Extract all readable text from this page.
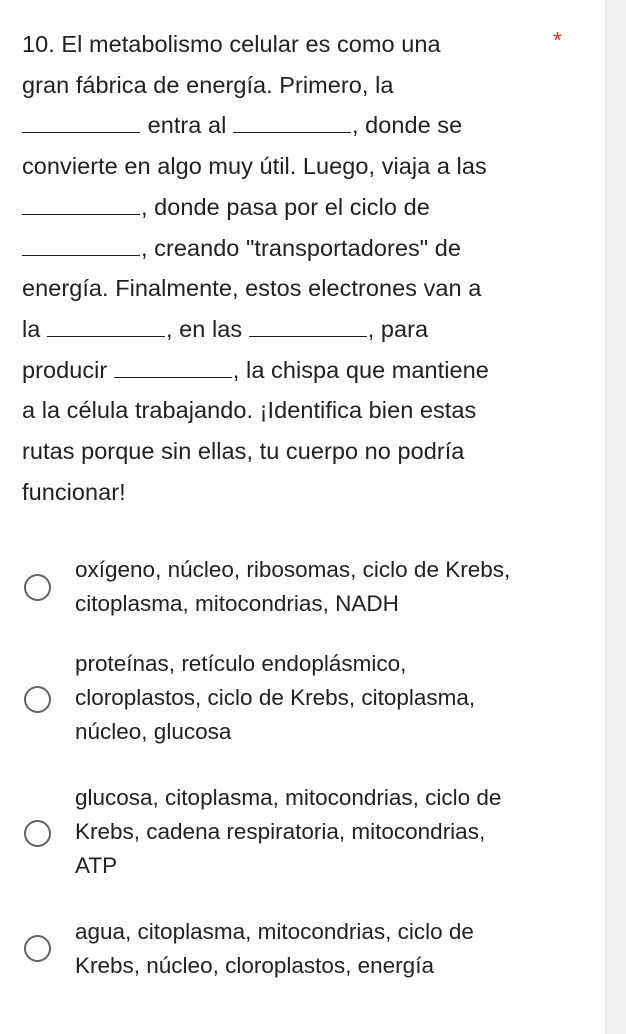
10. El metabolismo celular es como una
gran fábrica de energía. Primero, la
entra al	, donde se
convierte en algo muy útil. Luego, viaja a las
, donde pasa por el ciclo de
, creando "transportadores" de
energía. Finalmente, estos electrones van a
la	, en las	, para
producir	, la chispa que mantiene
a la célula trabajando. ¡Identifica bien estas
rutas porque sin ellas, tu cuerpo no podría
funcionar!
*
oxígeno, núcleo, ribosomas, ciclo de Krebs,
citoplasma, mitocondrias, NADH
proteínas, retículo endoplásmico,
cloroplastos, ciclo de Krebs, citoplasma,
núcleo, glucosa
glucosa, citoplasma, mitocondrias, ciclo de
Krebs, cadena respiratoria, mitocondrias,
ATP
agua, citoplasma, mitocondrias, ciclo de
Krebs, núcleo, cloroplastos, energía
